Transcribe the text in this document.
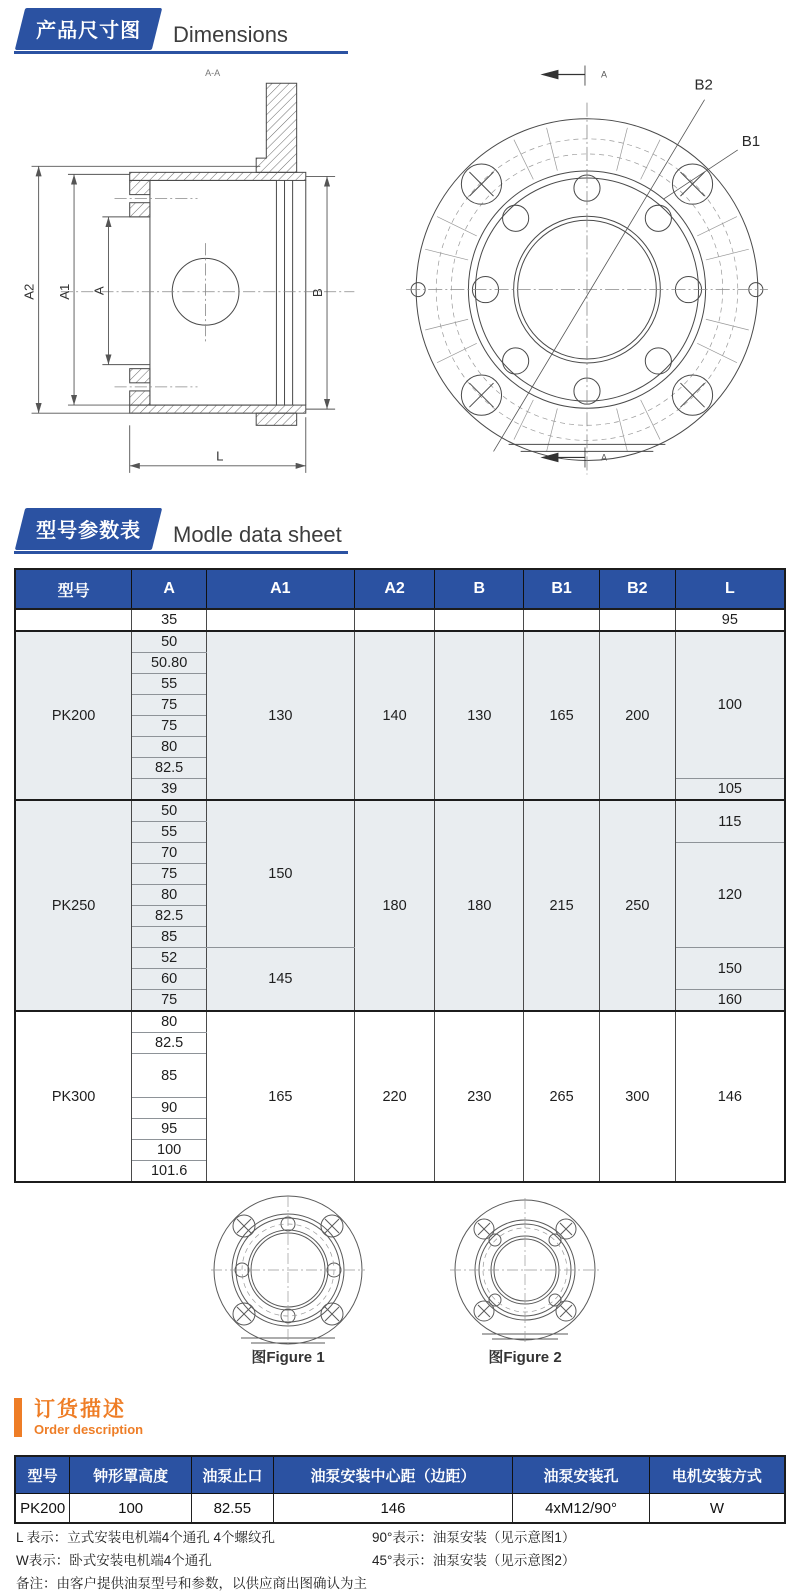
产品尺寸图	Dimensions
A-A
A2 A1 A	B
L
B2
B1
A
A
型号参数表	Modle data sheet
型号	A	A1	A2	B	B1	B2	L
	35						95
PK200	50	130	140	130	165	200	100
	50.80						
	55						
	75						
	75						
	80						
	82.5						
	39						105
PK250	50	150	180	180	215	250	115
	55						
	70						120
	75						
	80						
	82.5						
	85						
	52	145					150
	60						
	75						160
PK300	80	165	220	230	265	300	146
	82.5						
	85						
	90						
	95						
	100						
	101.6						
图Figure 1	图Figure 2
订货描述
Order description
型号	钟形罩高度	油泵止口	油泵安装中心距（边距）	油泵安装孔	电机安装方式
PK200	100	82.55	146	4xM12/90°	W
L 表示：立式安装电机端4个通孔 4个螺纹孔
W表示：卧式安装电机端4个通孔
备注：由客户提供油泵型号和参数，以供应商出图确认为主
90°表示：油泵安装（见示意图1）
45°表示：油泵安装（见示意图2）
